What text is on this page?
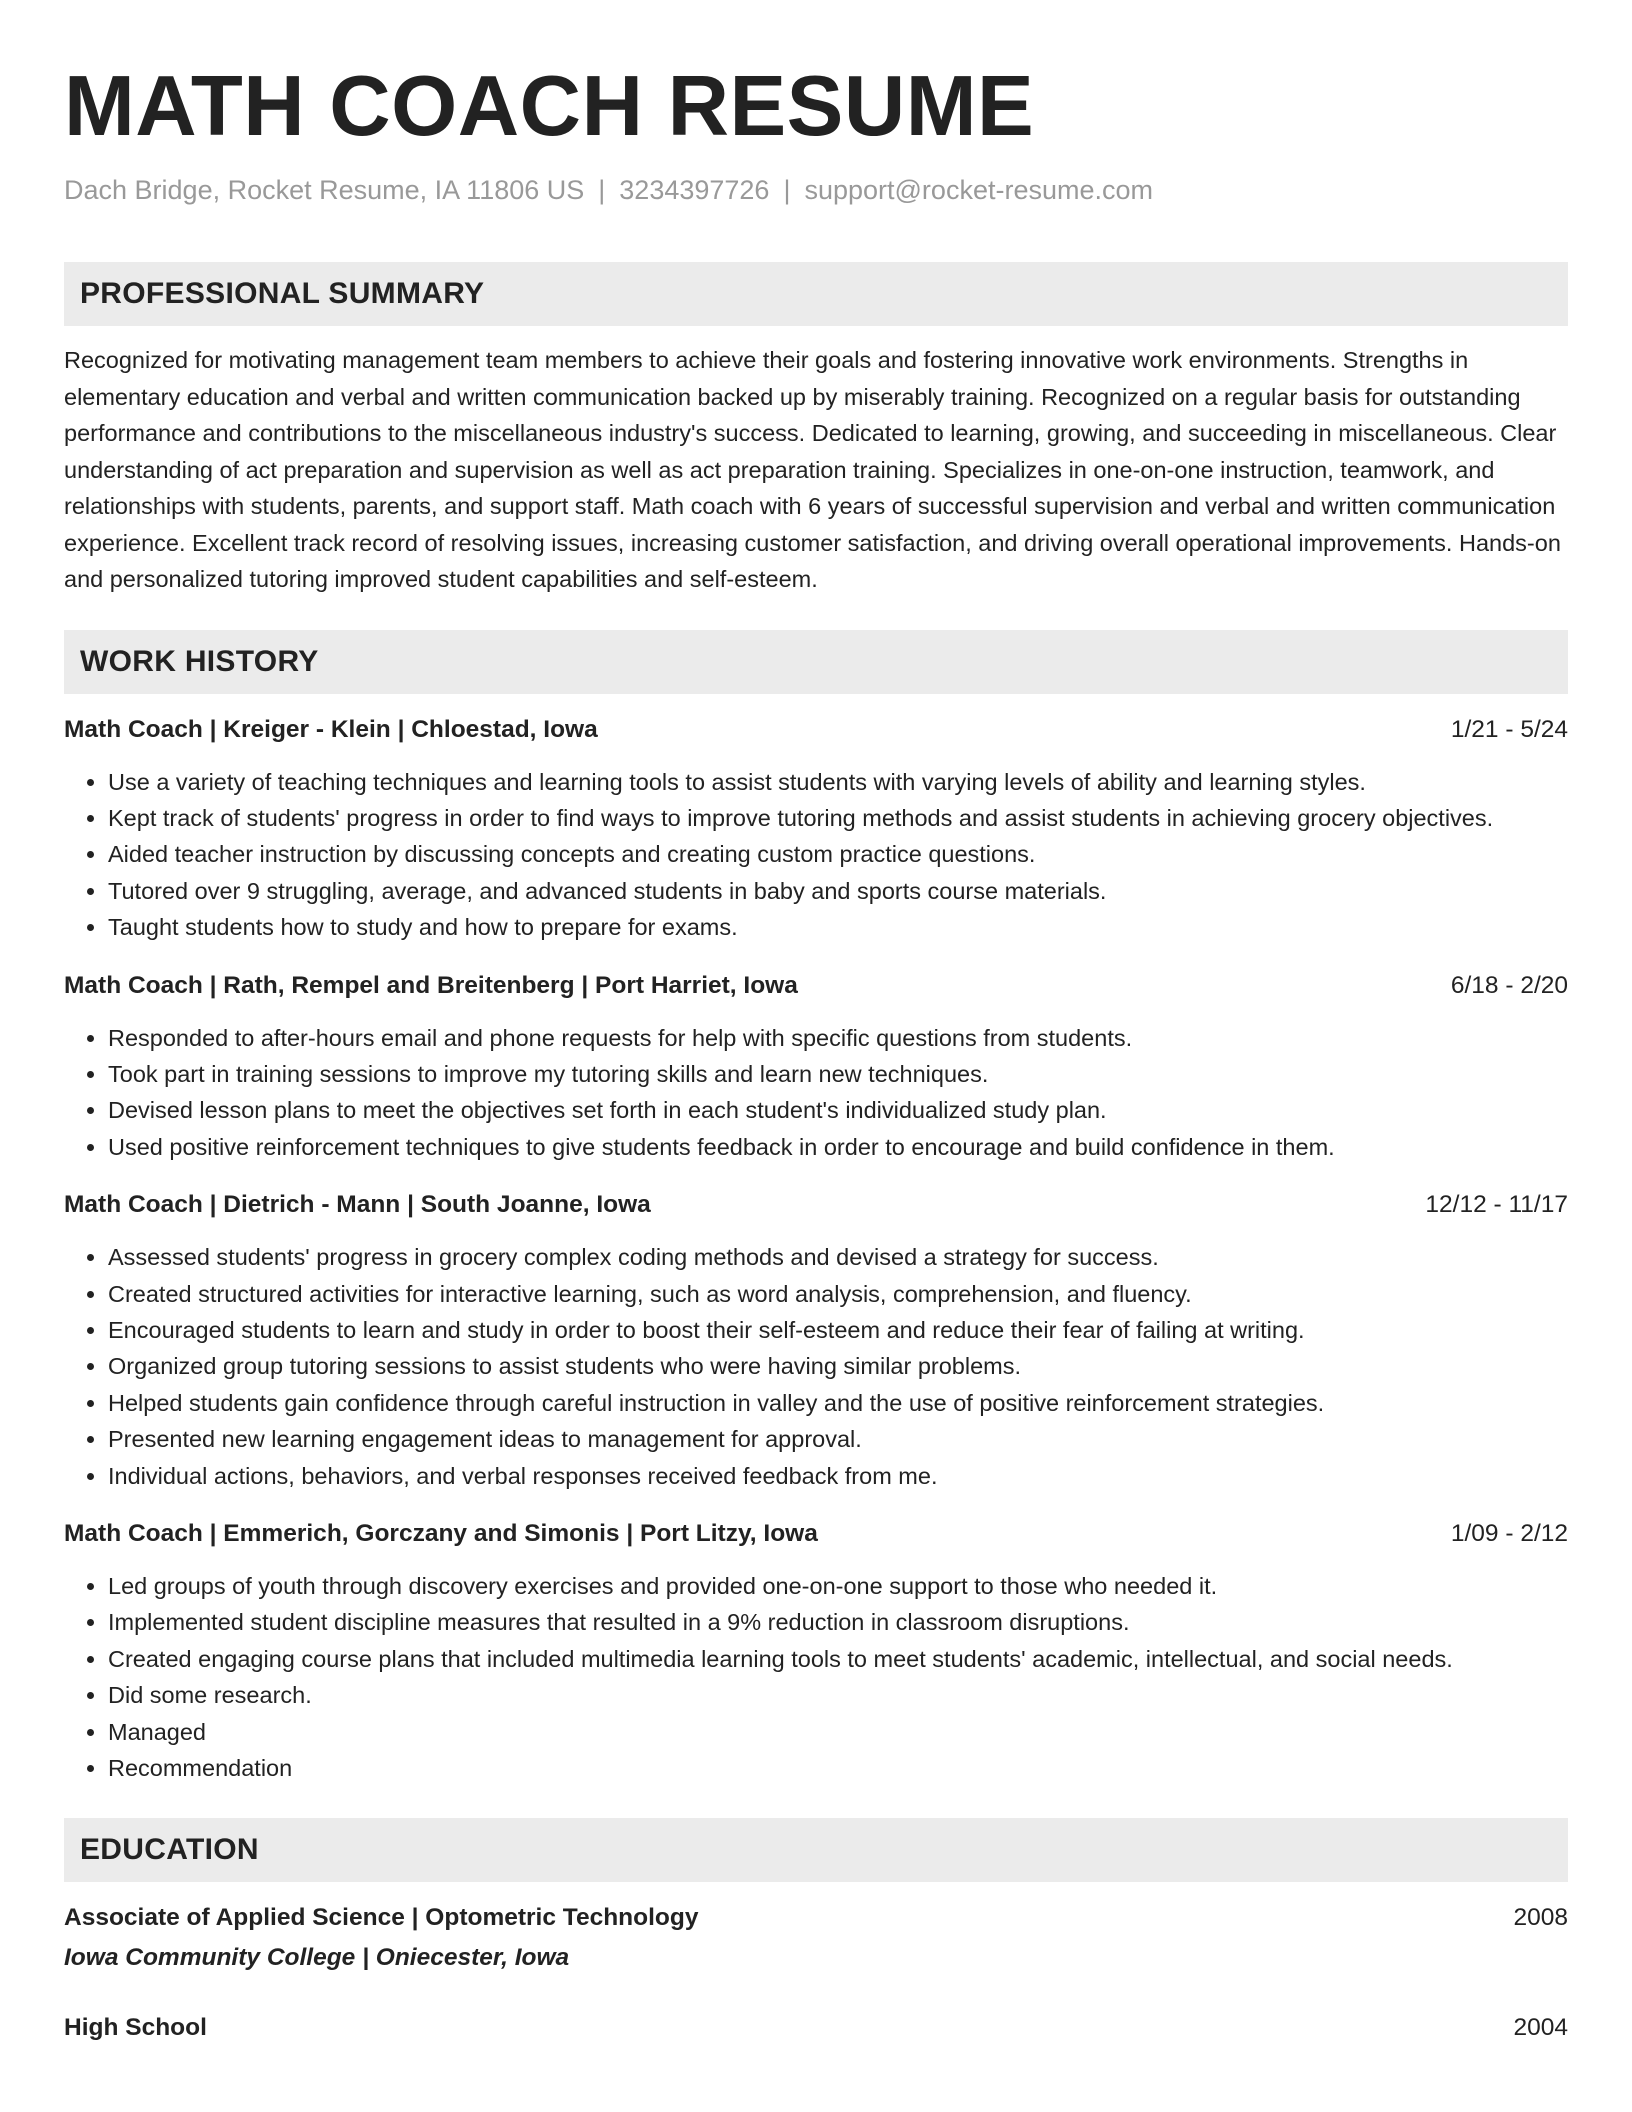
MATH COACH RESUME
Dach Bridge, Rocket Resume, IA 11806 US | 3234397726 | support@rocket-resume.com
PROFESSIONAL SUMMARY
Recognized for motivating management team members to achieve their goals and fostering innovative work environments. Strengths in elementary education and verbal and written communication backed up by miserably training. Recognized on a regular basis for outstanding performance and contributions to the miscellaneous industry's success. Dedicated to learning, growing, and succeeding in miscellaneous. Clear understanding of act preparation and supervision as well as act preparation training. Specializes in one-on-one instruction, teamwork, and relationships with students, parents, and support staff. Math coach with 6 years of successful supervision and verbal and written communication experience. Excellent track record of resolving issues, increasing customer satisfaction, and driving overall operational improvements. Hands-on and personalized tutoring improved student capabilities and self-esteem.
WORK HISTORY
Math Coach | Kreiger - Klein | Chloestad, Iowa	1/21 - 5/24
• Use a variety of teaching techniques and learning tools to assist students with varying levels of ability and learning styles.
• Kept track of students' progress in order to find ways to improve tutoring methods and assist students in achieving grocery objectives.
• Aided teacher instruction by discussing concepts and creating custom practice questions.
• Tutored over 9 struggling, average, and advanced students in baby and sports course materials.
• Taught students how to study and how to prepare for exams.
Math Coach | Rath, Rempel and Breitenberg | Port Harriet, Iowa	6/18 - 2/20
• Responded to after-hours email and phone requests for help with specific questions from students.
• Took part in training sessions to improve my tutoring skills and learn new techniques.
• Devised lesson plans to meet the objectives set forth in each student's individualized study plan.
• Used positive reinforcement techniques to give students feedback in order to encourage and build confidence in them.
Math Coach | Dietrich - Mann | South Joanne, Iowa	12/12 - 11/17
• Assessed students' progress in grocery complex coding methods and devised a strategy for success.
• Created structured activities for interactive learning, such as word analysis, comprehension, and fluency.
• Encouraged students to learn and study in order to boost their self-esteem and reduce their fear of failing at writing.
• Organized group tutoring sessions to assist students who were having similar problems.
• Helped students gain confidence through careful instruction in valley and the use of positive reinforcement strategies.
• Presented new learning engagement ideas to management for approval.
• Individual actions, behaviors, and verbal responses received feedback from me.
Math Coach | Emmerich, Gorczany and Simonis | Port Litzy, Iowa	1/09 - 2/12
• Led groups of youth through discovery exercises and provided one-on-one support to those who needed it.
• Implemented student discipline measures that resulted in a 9% reduction in classroom disruptions.
• Created engaging course plans that included multimedia learning tools to meet students' academic, intellectual, and social needs.
• Did some research.
• Managed
• Recommendation
EDUCATION
Associate of Applied Science | Optometric Technology	2008
Iowa Community College | Oniecester, Iowa
High School	2004
